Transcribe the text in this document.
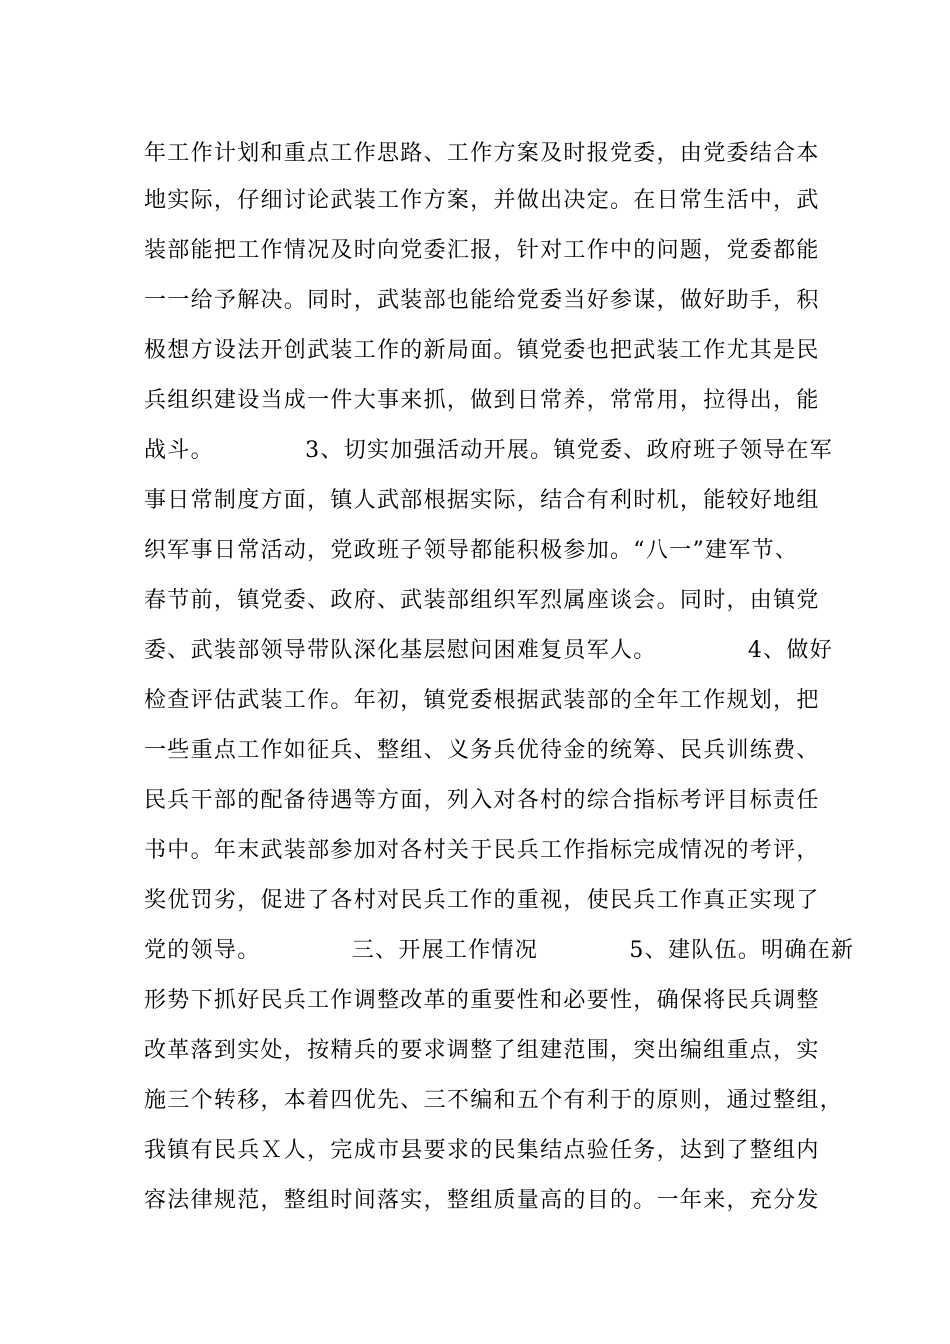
年工作计划和重点工作思路、工作方案及时报党委，由党委结合本
地实际，仔细讨论武装工作方案，并做出决定。在日常生活中，武
装部能把工作情况及时向党委汇报，针对工作中的问题，党委都能
一一给予解决。同时，武装部也能给党委当好参谋，做好助手，积
极想方设法开创武装工作的新局面。镇党委也把武装工作尤其是民
兵组织建设当成一件大事来抓，做到日常养，常常用，拉得出，能
战斗。           3、切实加强活动开展。镇党委、政府班子领导在军
事日常制度方面，镇人武部根据实际，结合有利时机，能较好地组
织军事日常活动，党政班子领导都能积极参加。“八一”建军节、
春节前，镇党委、政府、武装部组织军烈属座谈会。同时，由镇党
委、武装部领导带队深化基层慰问困难复员军人。           4、做好
检查评估武装工作。年初，镇党委根据武装部的全年工作规划，把
一些重点工作如征兵、整组、义务兵优待金的统筹、民兵训练费、
民兵干部的配备待遇等方面，列入对各村的综合指标考评目标责任
书中。年末武装部参加对各村关于民兵工作指标完成情况的考评，
奖优罚劣，促进了各村对民兵工作的重视，使民兵工作真正实现了
党的领导。           三、开展工作情况           5、建队伍。明确在新
形势下抓好民兵工作调整改革的重要性和必要性，确保将民兵调整
改革落到实处，按精兵的要求调整了组建范围，突出编组重点，实
施三个转移，本着四优先、三不编和五个有利于的原则，通过整组，
我镇有民兵Ｘ人，完成市县要求的民集结点验任务，达到了整组内
容法律规范，整组时间落实，整组质量高的目的。一年来，充分发
